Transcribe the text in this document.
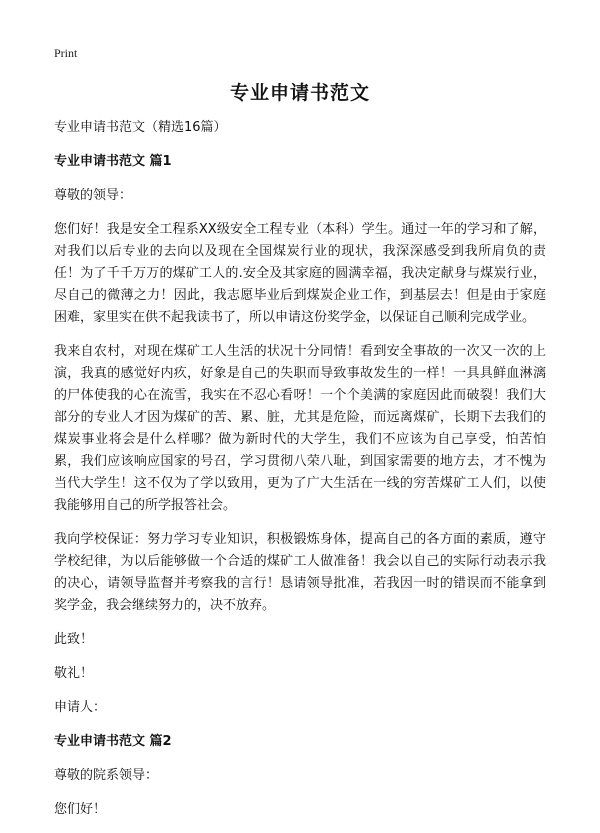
Print
专业申请书范文

专业申请书范文（精选16篇）

专业申请书范文 篇1

尊敬的领导：

您们好！我是安全工程系XX级安全工程专业（本科）学生。通过一年的学习和了解，对我们以后专业的去向以及现在全国煤炭行业的现状，我深深感受到我所肩负的责任！为了千千万万的煤矿工人的.安全及其家庭的圆满幸福，我决定献身与煤炭行业，尽自己的微薄之力！因此，我志愿毕业后到煤炭企业工作，到基层去！但是由于家庭困难，家里实在供不起我读书了，所以申请这份奖学金，以保证自己顺利完成学业。

我来自农村，对现在煤矿工人生活的状况十分同情！看到安全事故的一次又一次的上演，我真的感觉好内疚，好象是自己的失职而导致事故发生的一样！一具具鲜血淋漓的尸体使我的心在流雪，我实在不忍心看呀！一个个美满的家庭因此而破裂！我们大部分的专业人才因为煤矿的苦、累、脏，尤其是危险，而远离煤矿，长期下去我们的煤炭事业将会是什么样哪？做为新时代的大学生，我们不应该为自己享受，怕苦怕累，我们应该响应国家的号召，学习贯彻八荣八耻，到国家需要的地方去，才不愧为当代大学生！这不仅为了学以致用，更为了广大生活在一线的穷苦煤矿工人们，以使我能够用自己的所学报答社会。

我向学校保证：努力学习专业知识，积极锻炼身体，提高自己的各方面的素质，遵守学校纪律，为以后能够做一个合适的煤矿工人做准备！我会以自己的实际行动表示我的决心，请领导监督并考察我的言行！恳请领导批准，若我因一时的错误而不能拿到奖学金，我会继续努力的，决不放弃。

此致！

敬礼！

申请人：

专业申请书范文 篇2

尊敬的院系领导：

您们好！
